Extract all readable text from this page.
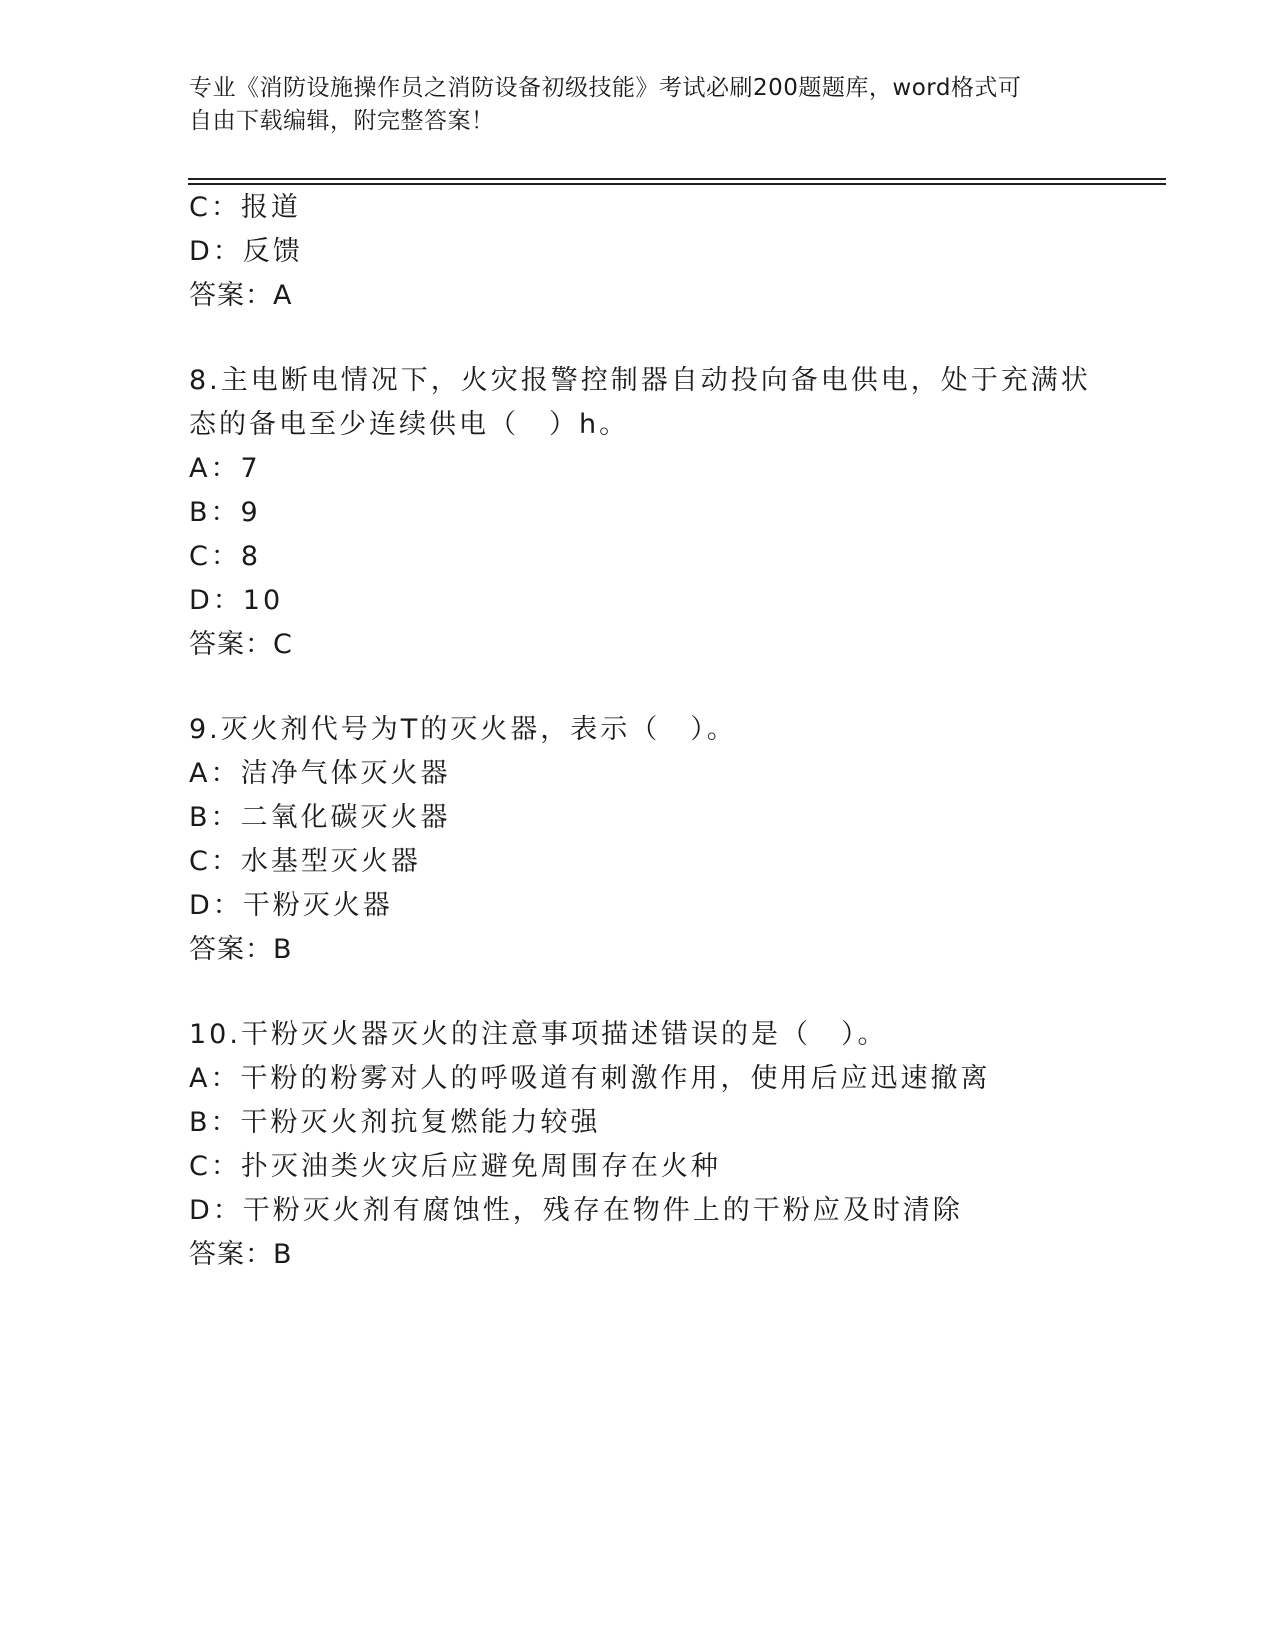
专业《消防设施操作员之消防设备初级技能》考试必刷200题题库，word格式可
自由下载编辑，附完整答案！
C：报道
D：反馈
答案：A
8.主电断电情况下，火灾报警控制器自动投向备电供电，处于充满状
态的备电至少连续供电（　）h。
A：7
B：9
C：8
D：10
答案：C
9.灭火剂代号为T的灭火器，表示（　）。
A：洁净气体灭火器
B：二氧化碳灭火器
C：水基型灭火器
D：干粉灭火器
答案：B
10.干粉灭火器灭火的注意事项描述错误的是（　）。
A：干粉的粉雾对人的呼吸道有刺激作用，使用后应迅速撤离
B：干粉灭火剂抗复燃能力较强
C：扑灭油类火灾后应避免周围存在火种
D：干粉灭火剂有腐蚀性，残存在物件上的干粉应及时清除
答案：B
